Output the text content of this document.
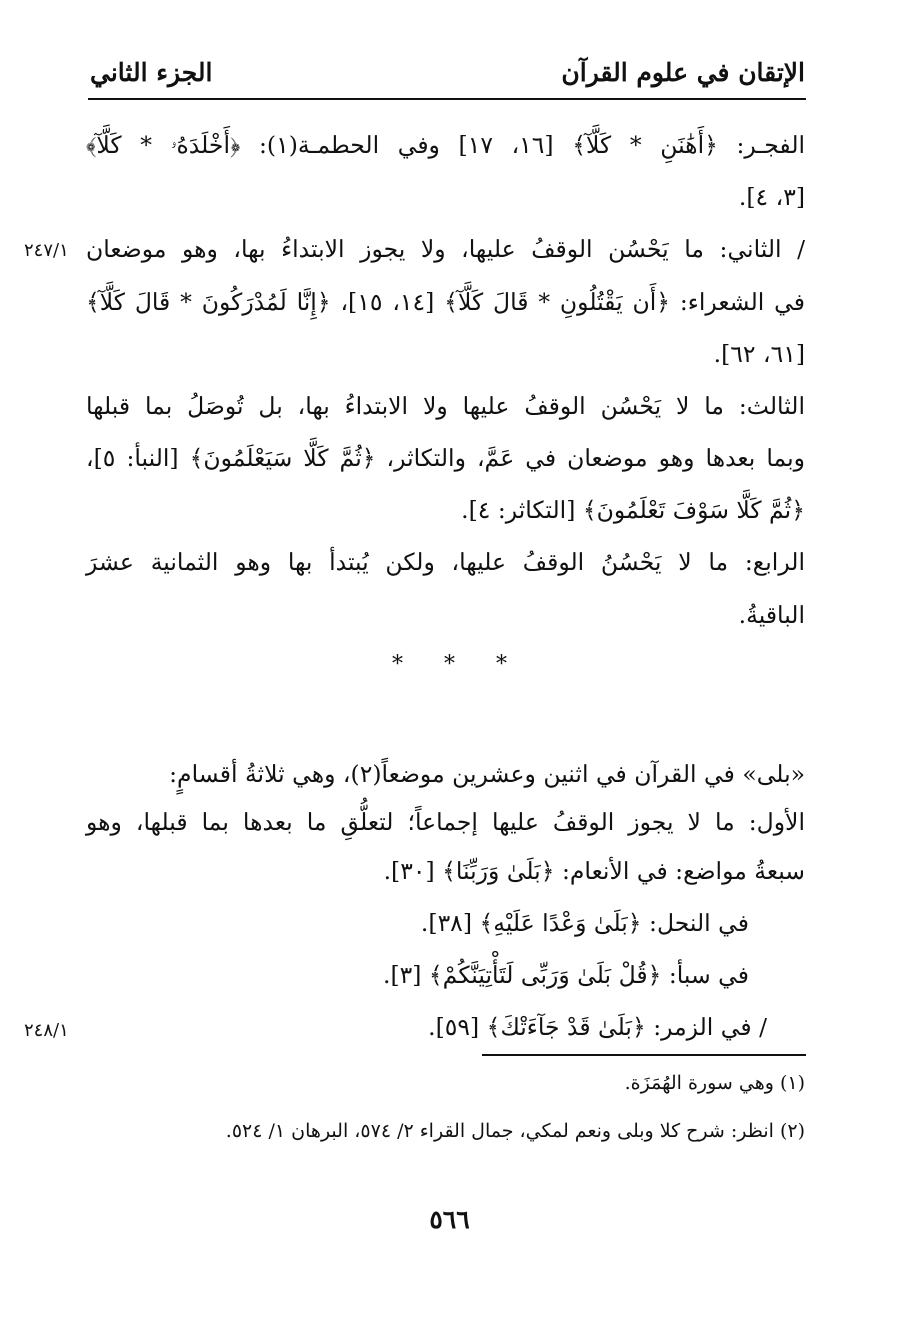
الإتقان في علوم القرآن
الجزء الثاني
الفجـر: ﴿أَهَٰنَنِ * كَلَّآ﴾ [١٦، ١٧] وفي الحطمـة(١): ﴿أَخْلَدَهُۥ * كَلَّآ﴾
[٣، ٤].
/ الثاني: ما يَحْسُن الوقفُ عليها، ولا يجوز الابتداءُ بها، وهو موضعان
في الشعراء: ﴿أَن يَقْتُلُونِ * قَالَ كَلَّآ﴾ [١٤، ١٥]، ﴿إِنَّا لَمُدْرَكُونَ * قَالَ كَلَّآ﴾
[٦١، ٦٢].
الثالث: ما لا يَحْسُن الوقفُ عليها ولا الابتداءُ بها، بل تُوصَلُ بما قبلها
وبما بعدها وهو موضعان في عَمَّ، والتكاثر، ﴿ثُمَّ كَلَّا سَيَعْلَمُونَ﴾ [النبأ: ٥]،
﴿ثُمَّ كَلَّا سَوْفَ تَعْلَمُونَ﴾ [التكاثر: ٤].
الرابع: ما لا يَحْسُنُ الوقفُ عليها، ولكن يُبتدأ بها وهو الثمانية عشرَ
الباقيةُ.
٢٤٧/١
* * *
«بلى» في القرآن في اثنين وعشرين موضعاً(٢)، وهي ثلاثةُ أقسامٍ:
الأول: ما لا يجوز الوقفُ عليها إجماعاً؛ لتعلُّقِ ما بعدها بما قبلها، وهو
سبعةُ مواضع: في الأنعام: ﴿بَلَىٰ وَرَبِّنَا﴾ [٣٠].
في النحل: ﴿بَلَىٰ وَعْدًا عَلَيْهِ﴾ [٣٨].
في سبأ: ﴿قُلْ بَلَىٰ وَرَبِّى لَتَأْتِيَنَّكُمْ﴾ [٣].
/ في الزمر: ﴿بَلَىٰ قَدْ جَآءَتْكَ﴾ [٥٩].
٢٤٨/١
(١) وهي سورة الهُمَزَة.
(٢) انظر: شرح كلا وبلى ونعم لمكي، جمال القراء ٢/ ٥٧٤، البرهان ١/ ٥٢٤.
٥٦٦
